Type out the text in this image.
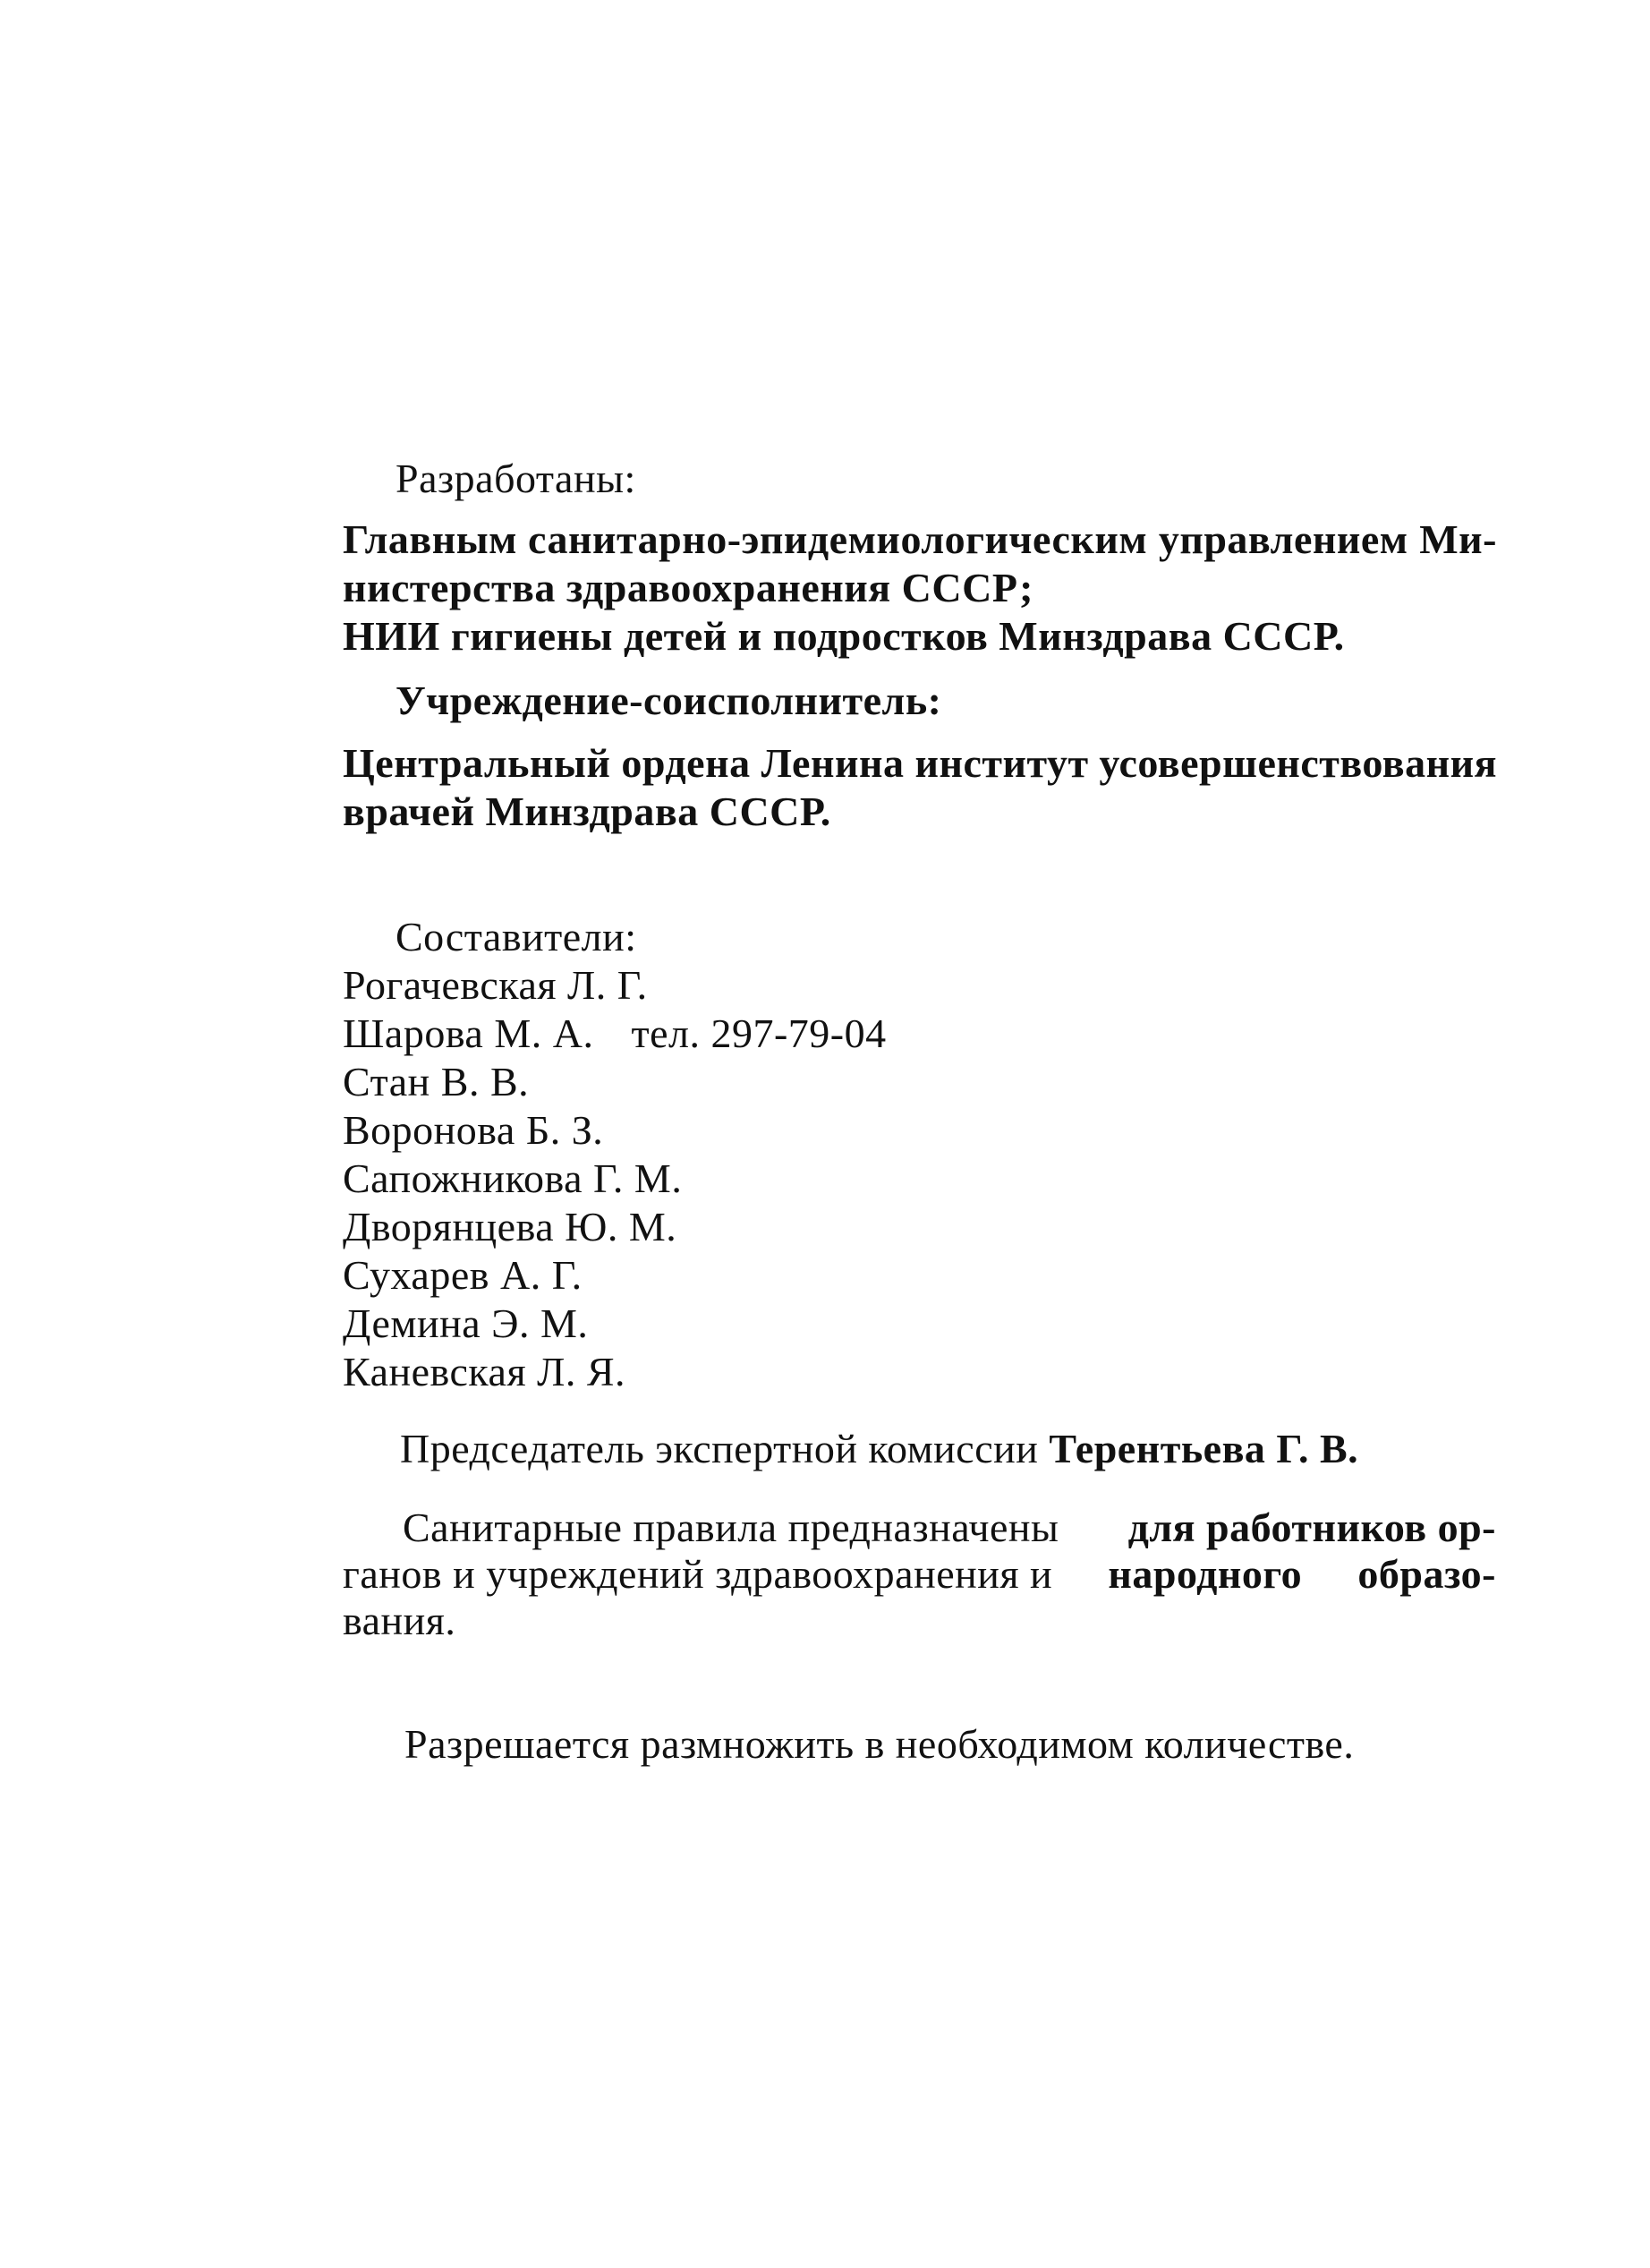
Разработаны:
Главным санитарно-эпидемиологическим управлением Ми-
нистерства здравоохранения СССР;
НИИ гигиены детей и подростков Минздрава СССР.
Учреждение-соисполнитель:
Центральный ордена Ленина институт усовершенствования
врачей Минздрава СССР.
Составители:
Рогачевская Л. Г.
Шарова М. А. тел. 297-79-04
Стан В. В.
Воронова Б. З.
Сапожникова Г. М.
Дворянцева Ю. М.
Сухарев А. Г.
Демина Э. М.
Каневская Л. Я.
Председатель экспертной комиссии Терентьева Г. В.
Санитарные правила предназначены для работников ор-
ганов и учреждений здравоохранения и народного образо-
вания.
Разрешается размножить в необходимом количестве.
